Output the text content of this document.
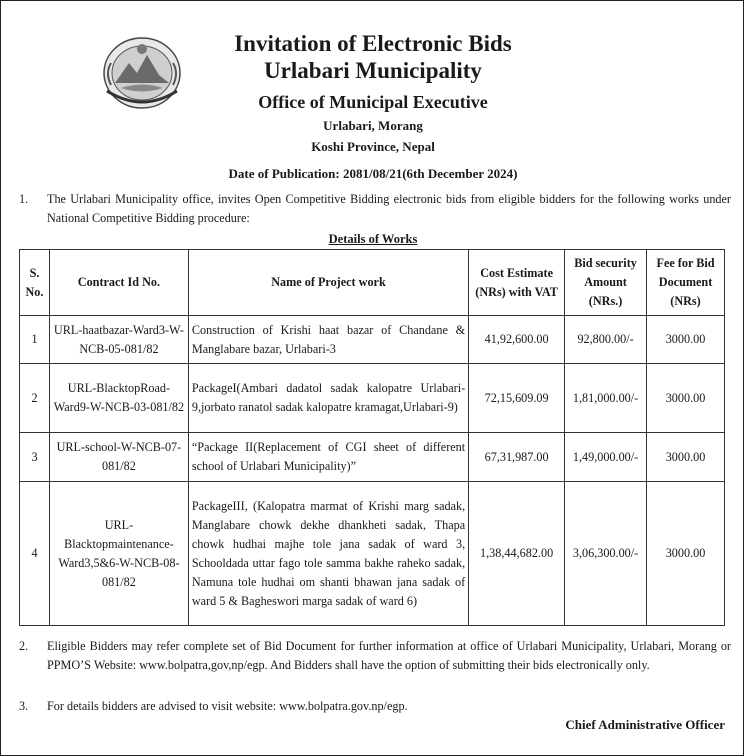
Invitation of Electronic Bids
Urlabari Municipality
Office of Municipal Executive
Urlabari, Morang
Koshi Province, Nepal
Date of Publication: 2081/08/21(6th December 2024)
1. The Urlabari Municipality office, invites Open Competitive Bidding electronic bids from eligible bidders for the following works under National Competitive Bidding procedure:
Details of Works
S. No.	Contract Id No.	Name of Project work	Cost Estimate (NRs) with VAT	Bid security Amount (NRs.)	Fee for Bid Document (NRs)
1	URL-haatbazar-Ward3-W-NCB-05-081/82	Construction of Krishi haat bazar of Chandane & Manglabare bazar, Urlabari-3	41,92,600.00	92,800.00/-	3000.00
2	URL-BlacktopRoad-Ward9-W-NCB-03-081/82	PackageI(Ambari dadatol sadak kalopatre Urlabari-9,jorbato ranatol sadak kalopatre kramagat,Urlabari-9)	72,15,609.09	1,81,000.00/-	3000.00
3	URL-school-W-NCB-07-081/82	“Package II(Replacement of CGI sheet of different school of Urlabari Municipality)”	67,31,987.00	1,49,000.00/-	3000.00
4	URL-Blacktopmaintenance-Ward3,5&6-W-NCB-08-081/82	PackageIII, (Kalopatra marmat of Krishi marg sadak, Manglabare chowk dekhe dhankheti sadak, Thapa chowk hudhai majhe tole jana sadak of ward 3, Schooldada uttar fago tole samma bakhe raheko sadak, Namuna tole hudhai om shanti bhawan jana sadak of ward 5 & Bagheswori marga sadak of ward 6)	1,38,44,682.00	3,06,300.00/-	3000.00
2. Eligible Bidders may refer complete set of Bid Document for further information at office of Urlabari Municipality, Urlabari, Morang or PPMO’S Website: www.bolpatra,gov,np/egp. And Bidders shall have the option of submitting their bids electronically only.
3. For details bidders are advised to visit website: www.bolpatra.gov.np/egp.
Chief Administrative Officer
